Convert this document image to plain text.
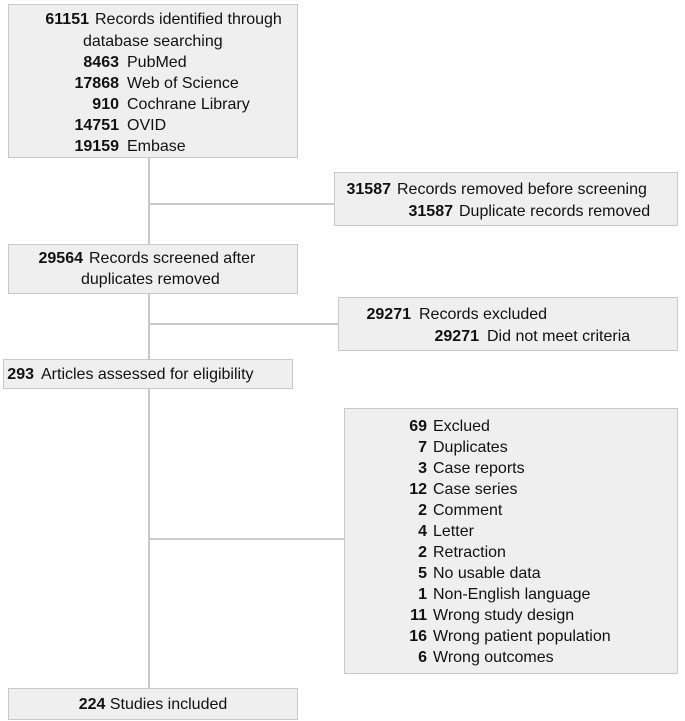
61151 Records identified through
database searching
8463 PubMed
17868 Web of Science
910 Cochrane Library
14751 OVID
19159 Embase
31587 Records removed before screening
31587 Duplicate records removed
29564 Records screened after
duplicates removed
29271 Records excluded
29271 Did not meet criteria
293 Articles assessed for eligibility
69 Exclued
7 Duplicates
3 Case reports
12 Case series
2 Comment
4 Letter
2 Retraction
5 No usable data
1 Non-English language
11 Wrong study design
16 Wrong patient population
6 Wrong outcomes
224 Studies included
